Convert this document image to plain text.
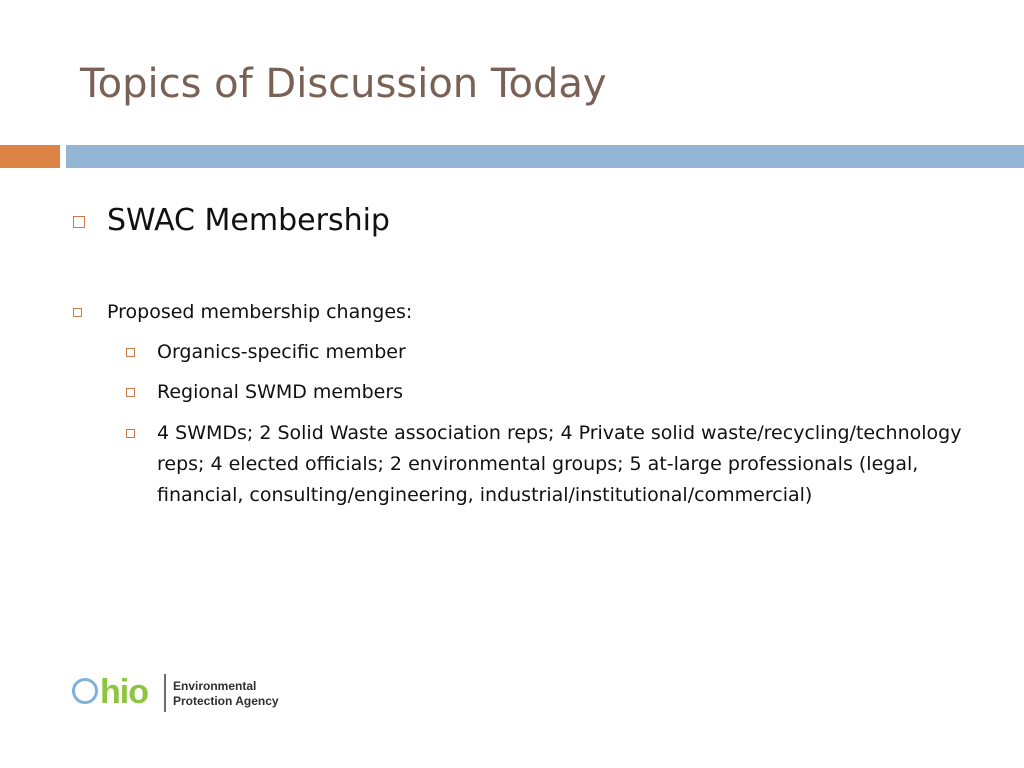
Topics of Discussion Today
SWAC Membership
Proposed membership changes:
Organics-specific member
Regional SWMD members
4 SWMDs; 2 Solid Waste association reps; 4 Private solid waste/recycling/technology reps; 4 elected officials; 2 environmental groups; 5 at-large professionals (legal, financial, consulting/engineering, industrial/institutional/commercial)
hio Environmental
Protection Agency
